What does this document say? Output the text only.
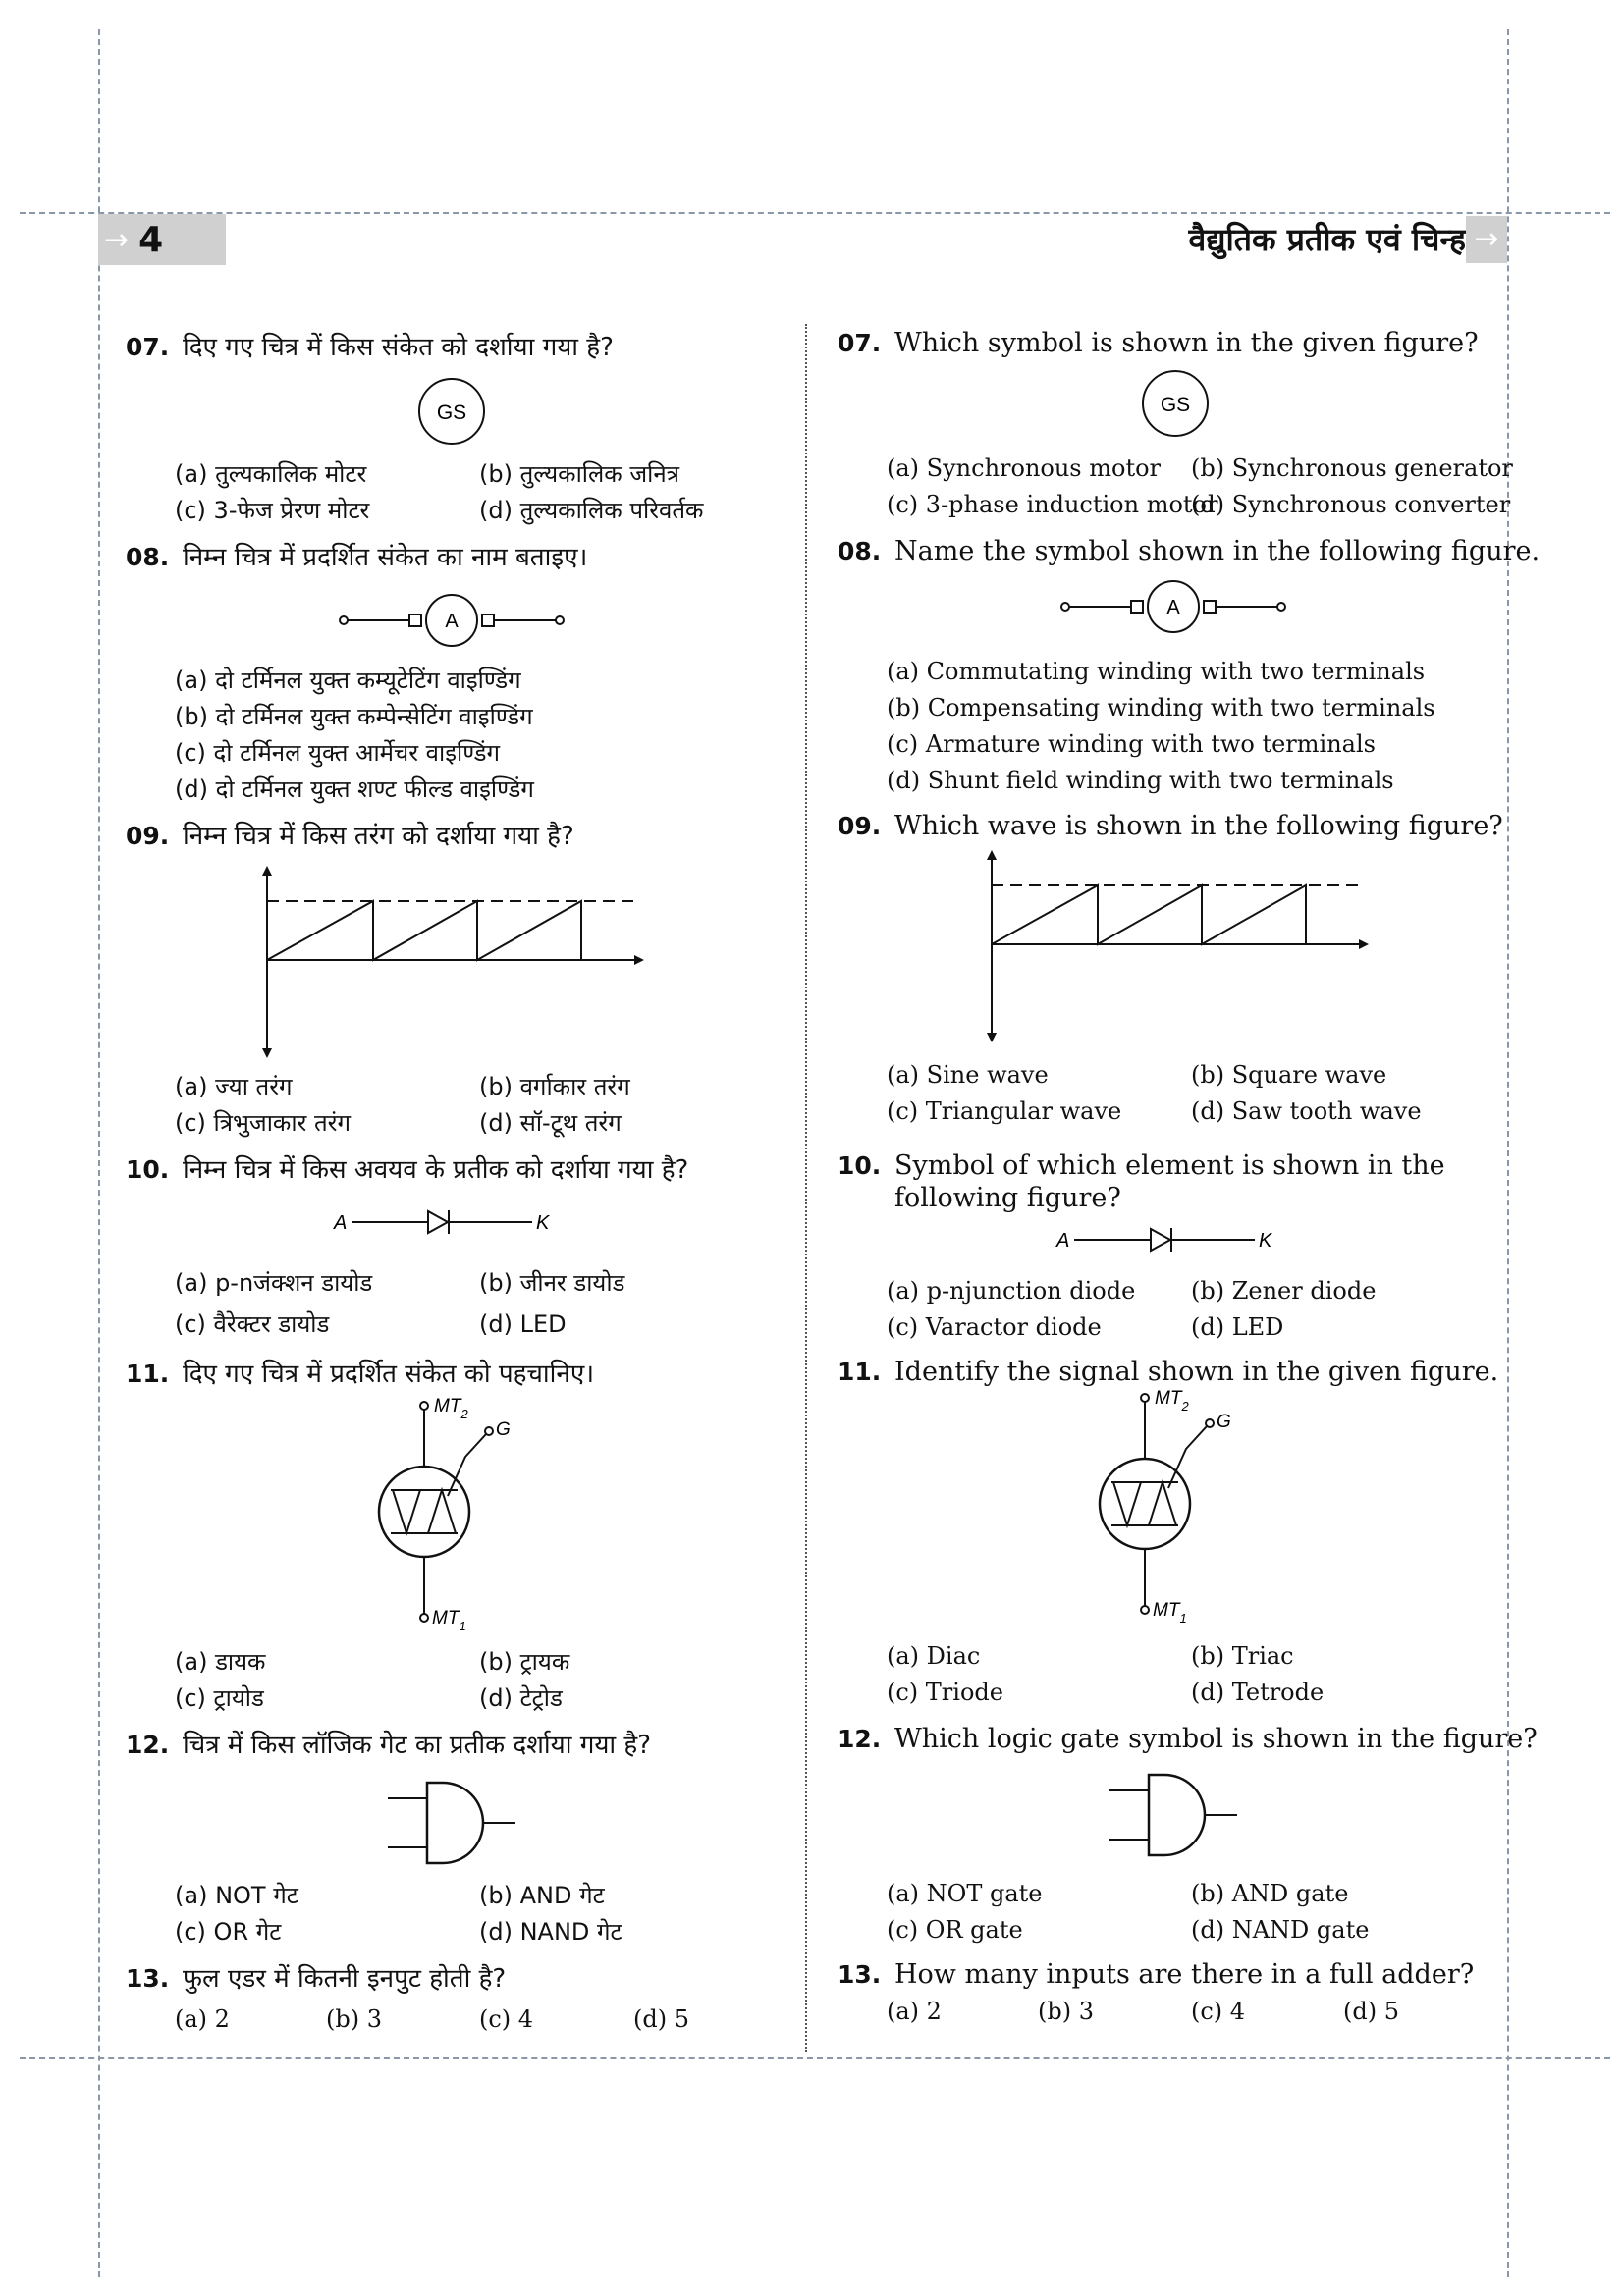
→ 4	वैद्युतिक प्रतीक एवं चिन्ह →
07. दिए गए चित्र में किस संकेत को दर्शाया गया है?
GS
(a) तुल्यकालिक मोटर	(b) तुल्यकालिक जनित्र
(c) 3-फेज प्रेरण मोटर	(d) तुल्यकालिक परिवर्तक
08. निम्न चित्र में प्रदर्शित संकेत का नाम बताइए।
A
(a) दो टर्मिनल युक्त कम्यूटेटिंग वाइण्डिंग
(b) दो टर्मिनल युक्त कम्पेन्सेटिंग वाइण्डिंग
(c) दो टर्मिनल युक्त आर्मेचर वाइण्डिंग
(d) दो टर्मिनल युक्त शण्ट फील्ड वाइण्डिंग
09. निम्न चित्र में किस तरंग को दर्शाया गया है?
(a) ज्या तरंग	(b) वर्गाकार तरंग
(c) त्रिभुजाकार तरंग	(d) सॉ-टूथ तरंग
10. निम्न चित्र में किस अवयव के प्रतीक को दर्शाया गया है?
A	K
(a) p-nजंक्शन डायोड	(b) जीनर डायोड
(c) वैरेक्टर डायोड	(d) LED
11. दिए गए चित्र में प्रदर्शित संकेत को पहचानिए।
$MT_2$
G
$MT_1$
(a) डायक	(b) ट्रायक
(c) ट्रायोड	(d) टेट्रोड
12. चित्र में किस लॉजिक गेट का प्रतीक दर्शाया गया है?
(a) NOT गेट	(b) AND गेट
(c) OR गेट	(d) NAND गेट
13. फुल एडर में कितनी इनपुट होती है?
(a) 2	(b) 3	(c) 4	(d) 5
07. Which symbol is shown in the given figure?
GS
(a) Synchronous motor (b) Synchronous generator
(c) 3-phase induction motor
(d) Synchronous converter
08. Name the symbol shown in the following figure.
A
(a) Commutating winding with two terminals
(b) Compensating winding with two terminals
(c) Armature winding with two terminals
(d) Shunt field winding with two terminals
09. Which wave is shown in the following figure?
(a) Sine wave	(b) Square wave
(c) Triangular wave	(d) Saw tooth wave
10. Symbol of which element is shown in the
following figure?
A	K
(a) p-njunction diode (b) Zener diode
(c) Varactor diode	(d) LED
11. Identify the signal shown in the given figure.
$MT_2$
G
$MT_1$
(a) Diac	(b) Triac
(c) Triode	(d) Tetrode
12. Which logic gate symbol is shown in the figure?
(a) NOT gate	(b) AND gate
(c) OR gate	(d) NAND gate
13. How many inputs are there in a full adder?
(a) 2	(b) 3	(c) 4	(d) 5
